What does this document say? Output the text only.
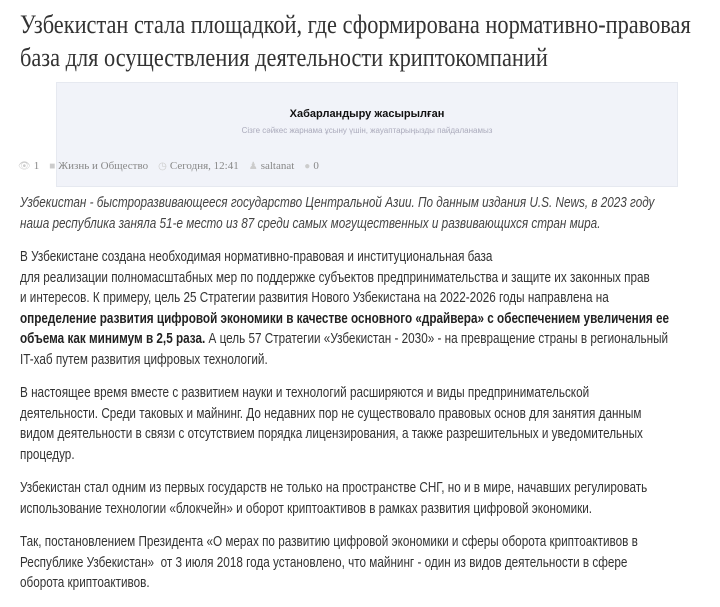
Узбекистан стала площадкой, где сформирована нормативно-правовая
база для осуществления деятельности криптокомпаний
Хабарландыру жасырылған
Сізге сәйкес жарнама ұсыну үшін, жауаптарыңызды пайдаланамыз
👁 1 ■ Жизнь и Общество ◷ Сегодня, 12:41 ♟ saltanat ● 0

Узбекистан - быстроразвивающееся государство Центральной Азии. По данным издания U.S. News, в 2023 году
наша республика заняла 51-е место из 87 среди самых могущественных и развивающихся стран мира.

В Узбекистане создана необходимая нормативно-правовая и институциональная база
для реализации полномасштабных мер по поддержке субъектов предпринимательства и защите их законных прав
и интересов. К примеру, цель 25 Стратегии развития Нового Узбекистана на 2022-2026 годы направлена на
определение развития цифровой экономики в качестве основного «драйвера» с обеспечением увеличения ее
объема как минимум в 2,5 раза. А цель 57 Стратегии «Узбекистан - 2030» - на превращение страны в региональный
IT-хаб путем развития цифровых технологий.

В настоящее время вместе с развитием науки и технологий расширяются и виды предпринимательской
деятельности. Среди таковых и майнинг. До недавних пор не существовало правовых основ для занятия данным
видом деятельности в связи с отсутствием порядка лицензирования, а также разрешительных и уведомительных
процедур.

Узбекистан стал одним из первых государств не только на пространстве СНГ, но и в мире, начавших регулировать
использование технологии «блокчейн» и оборот криптоактивов в рамках развития цифровой экономики.

Так, постановлением Президента «О мерах по развитию цифровой экономики и сферы оборота криптоактивов в
Республике Узбекистан»  от 3 июля 2018 года установлено, что майнинг - один из видов деятельности в сфере
оборота криптоактивов.
